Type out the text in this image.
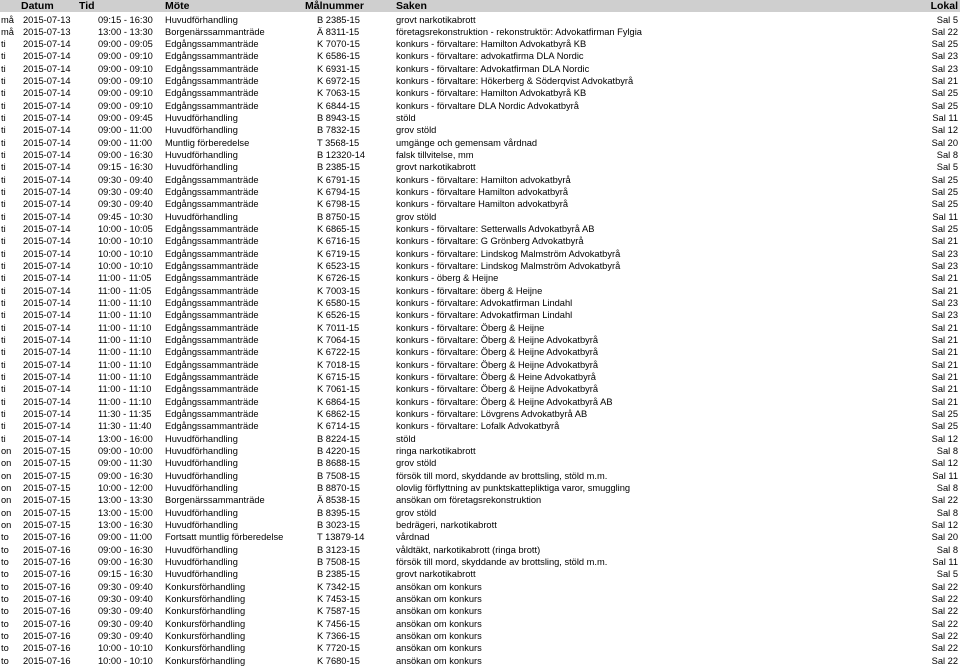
Datum Tid	Möte	Målnummer	Saken	Lokal
må 2015-07-13	09:15 - 16:30 Huvudförhandling	B 2385-15	grovt narkotikabrott	Sal 5
må 2015-07-13	13:00 - 13:30 Borgenärssammanträde	Ä 8311-15	företagsrekonstruktion - rekonstruktör: Advokatfirman Fylgia	Sal 22
ti 2015-07-14	09:00 - 09:05 Edgångssammanträde	K 7070-15	konkurs - förvaltare: Hamilton Advokatbyrå KB	Sal 25
ti 2015-07-14	09:00 - 09:10 Edgångssammanträde	K 6586-15	konkurs - förvaltare: advokatfirma DLA Nordic	Sal 23
ti 2015-07-14	09:00 - 09:10 Edgångssammanträde	K 6931-15	konkurs - förvaltare: Advokatfirman DLA Nordic	Sal 23
ti 2015-07-14	09:00 - 09:10 Edgångssammanträde	K 6972-15	konkurs - förvaltare: Hökerberg & Söderqvist Advokatbyrå	Sal 21
ti 2015-07-14	09:00 - 09:10 Edgångssammanträde	K 7063-15	konkurs - förvaltare: Hamilton Advokatbyrå KB	Sal 25
ti 2015-07-14	09:00 - 09:10 Edgångssammanträde	K 6844-15	konkurs - förvaltare DLA Nordic Advokatbyrå	Sal 25
ti 2015-07-14	09:00 - 09:45 Huvudförhandling	B 8943-15	stöld	Sal 11
ti 2015-07-14	09:00 - 11:00 Huvudförhandling	B 7832-15	grov stöld	Sal 12
ti 2015-07-14	09:00 - 11:00 Muntlig förberedelse	T 3568-15	umgänge och gemensam vårdnad	Sal 20
ti 2015-07-14	09:00 - 16:30 Huvudförhandling	B 12320-14	falsk tillvitelse, mm	Sal 8
ti 2015-07-14	09:15 - 16:30 Huvudförhandling	B 2385-15	grovt narkotikabrott	Sal 5
ti 2015-07-14	09:30 - 09:40 Edgångssammanträde	K 6791-15	konkurs - förvaltare: Hamilton advokatbyrå	Sal 25
ti 2015-07-14	09:30 - 09:40 Edgångssammanträde	K 6794-15	konkurs - förvaltare Hamilton advokatbyrå	Sal 25
ti 2015-07-14	09:30 - 09:40 Edgångssammanträde	K 6798-15	konkurs - förvaltare Hamilton advokatbyrå	Sal 25
ti 2015-07-14	09:45 - 10:30 Huvudförhandling	B 8750-15	grov stöld	Sal 11
ti 2015-07-14	10:00 - 10:05 Edgångssammanträde	K 6865-15	konkurs - förvaltare: Setterwalls Advokatbyrå AB	Sal 25
ti 2015-07-14	10:00 - 10:10 Edgångssammanträde	K 6716-15	konkurs - förvaltare: G Grönberg Advokatbyrå	Sal 21
ti 2015-07-14	10:00 - 10:10 Edgångssammanträde	K 6719-15	konkurs - förvaltare: Lindskog Malmström Advokatbyrå	Sal 23
ti 2015-07-14	10:00 - 10:10 Edgångssammanträde	K 6523-15	konkurs - förvaltare: Lindskog Malmström Advokatbyrå	Sal 23
ti 2015-07-14	11:00 - 11:05 Edgångssammanträde	K 6726-15	konkurs - öberg & Heijne	Sal 21
ti 2015-07-14	11:00 - 11:05 Edgångssammanträde	K 7003-15	konkurs - förvaltare: öberg & Heijne	Sal 21
ti 2015-07-14	11:00 - 11:10 Edgångssammanträde	K 6580-15	konkurs - förvaltare: Advokatfirman Lindahl	Sal 23
ti 2015-07-14	11:00 - 11:10 Edgångssammanträde	K 6526-15	konkurs - förvaltare: Advokatfirman Lindahl	Sal 23
ti 2015-07-14	11:00 - 11:10 Edgångssammanträde	K 7011-15	konkurs - förvaltare: Öberg & Heijne	Sal 21
ti 2015-07-14	11:00 - 11:10 Edgångssammanträde	K 7064-15	konkurs - förvaltare: Öberg & Heijne Advokatbyrå	Sal 21
ti 2015-07-14	11:00 - 11:10 Edgångssammanträde	K 6722-15	konkurs - förvaltare: Öberg & Heijne Advokatbyrå	Sal 21
ti 2015-07-14	11:00 - 11:10 Edgångssammanträde	K 7018-15	konkurs - förvaltare: Öberg & Heijne Advokatbyrå	Sal 21
ti 2015-07-14	11:00 - 11:10 Edgångssammanträde	K 6715-15	konkurs - förvaltare: Öberg & Heine Advokatbyrå	Sal 21
ti 2015-07-14	11:00 - 11:10 Edgångssammanträde	K 7061-15	konkurs - förvaltare: Öberg & Heijne Advokatbyrå	Sal 21
ti 2015-07-14	11:00 - 11:10 Edgångssammanträde	K 6864-15	konkurs - förvaltare: Öberg & Heijne Advokatbyrå AB	Sal 21
ti 2015-07-14	11:30 - 11:35 Edgångssammanträde	K 6862-15	konkurs - förvaltare: Lövgrens Advokatbyrå AB	Sal 25
ti 2015-07-14	11:30 - 11:40 Edgångssammanträde	K 6714-15	konkurs - förvaltare: Lofalk Advokatbyrå	Sal 25
ti 2015-07-14	13:00 - 16:00 Huvudförhandling	B 8224-15	stöld	Sal 12
on 2015-07-15	09:00 - 10:00 Huvudförhandling	B 4220-15	ringa narkotikabrott	Sal 8
on 2015-07-15	09:00 - 11:30 Huvudförhandling	B 8688-15	grov stöld	Sal 12
on 2015-07-15	09:00 - 16:30 Huvudförhandling	B 7508-15	försök till mord, skyddande av brottsling, stöld m.m.	Sal 11
on 2015-07-15	10:00 - 12:00 Huvudförhandling	B 8870-15	olovlig förflyttning av punktskattepliktiga varor, smuggling	Sal 8
on 2015-07-15	13:00 - 13:30 Borgenärssammanträde	Ä 8538-15	ansökan om företagsrekonstruktion	Sal 22
on 2015-07-15	13:00 - 15:00 Huvudförhandling	B 8395-15	grov stöld	Sal 8
on 2015-07-15	13:00 - 16:30 Huvudförhandling	B 3023-15	bedrägeri, narkotikabrott	Sal 12
to 2015-07-16	09:00 - 11:00 Fortsatt muntlig förberedelse	T 13879-14	vårdnad	Sal 20
to 2015-07-16	09:00 - 16:30 Huvudförhandling	B 3123-15	våldtäkt, narkotikabrott (ringa brott)	Sal 8
to 2015-07-16	09:00 - 16:30 Huvudförhandling	B 7508-15	försök till mord, skyddande av brottsling, stöld m.m.	Sal 11
to 2015-07-16	09:15 - 16:30 Huvudförhandling	B 2385-15	grovt narkotikabrott	Sal 5
to 2015-07-16	09:30 - 09:40 Konkursförhandling	K 7342-15	ansökan om konkurs	Sal 22
to 2015-07-16	09:30 - 09:40 Konkursförhandling	K 7453-15	ansökan om konkurs	Sal 22
to 2015-07-16	09:30 - 09:40 Konkursförhandling	K 7587-15	ansökan om konkurs	Sal 22
to 2015-07-16	09:30 - 09:40 Konkursförhandling	K 7456-15	ansökan om konkurs	Sal 22
to 2015-07-16	09:30 - 09:40 Konkursförhandling	K 7366-15	ansökan om konkurs	Sal 22
to 2015-07-16	10:00 - 10:10 Konkursförhandling	K 7720-15	ansökan om konkurs	Sal 22
to 2015-07-16	10:00 - 10:10 Konkursförhandling	K 7680-15	ansökan om konkurs	Sal 22
